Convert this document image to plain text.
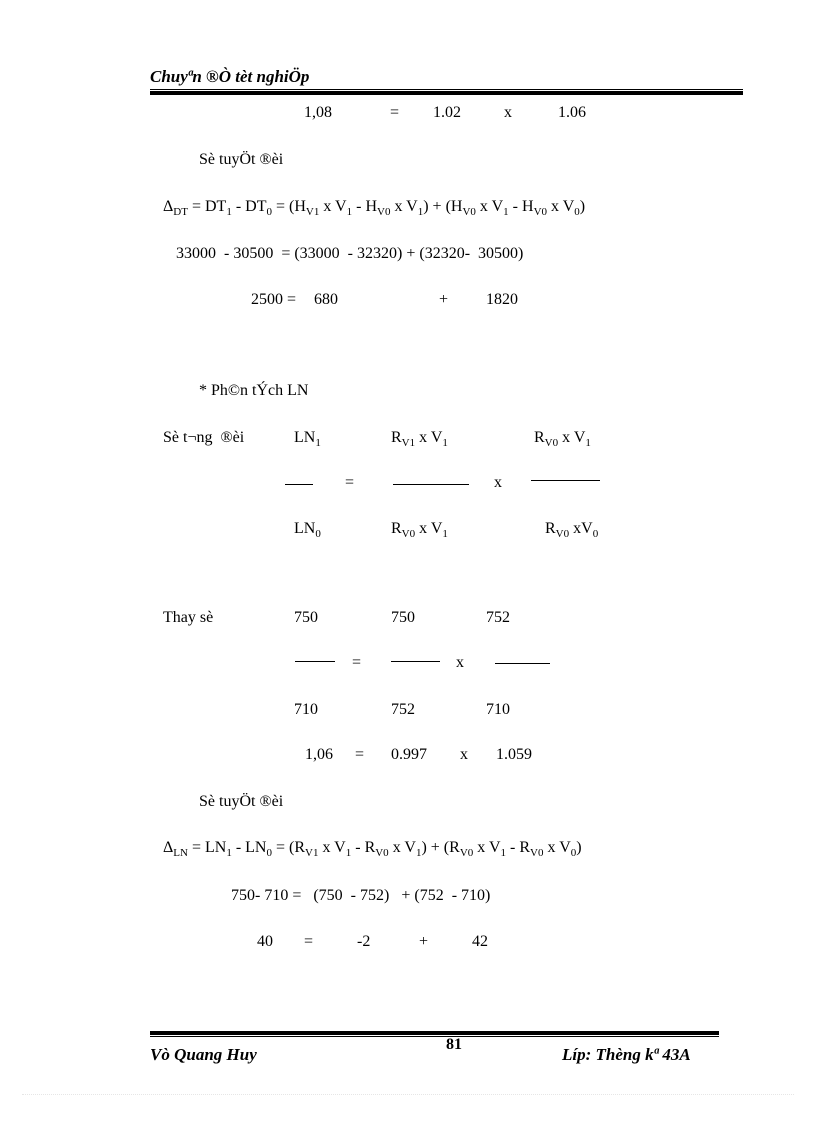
Chuyªn ®Ò tèt nghiÖp
1,08	= 1.02	x	1.06
Sè tuyÖt ®èi
$\Delta_{DT} = DT_1 - DT_0 = (H_{V1}$ x $V_1 - H_{V0}$ x $V_1) + (H_{V0}$ x $V_1 - H_{V0}$ x $V_0$)
33000  - 30500  = (33000  - 32320) + (32320-  30500)
2500 = 680	+ 1820
* Ph©n tÝch LN
Sè t¬ng  ®èi	$LN_1$	$R_{V1}$ x $V_1$	$R_{V0}$ x $V_1$
=	x
$LN_0$	$R_{V0}$ x $V_1$	$R_{V0}$ $xV_0$
Thay sè	750	750	752
=	x
710	752	710
1,06 = 0.997 x 1.059
Sè tuyÖt ®èi
$\Delta_{LN} = LN_1 - LN_0 = (R_{V1}$ x $V_1 - R_{V0}$ x $V_1) + (R_{V0}$ x $V_1 - R_{V0}$ x $V_0$)
750- 710 =   (750  - 752)   + (752  - 710)
40 =	-2	+	42
Vò Quang Huy
81
Líp: Thèng kª 43A
